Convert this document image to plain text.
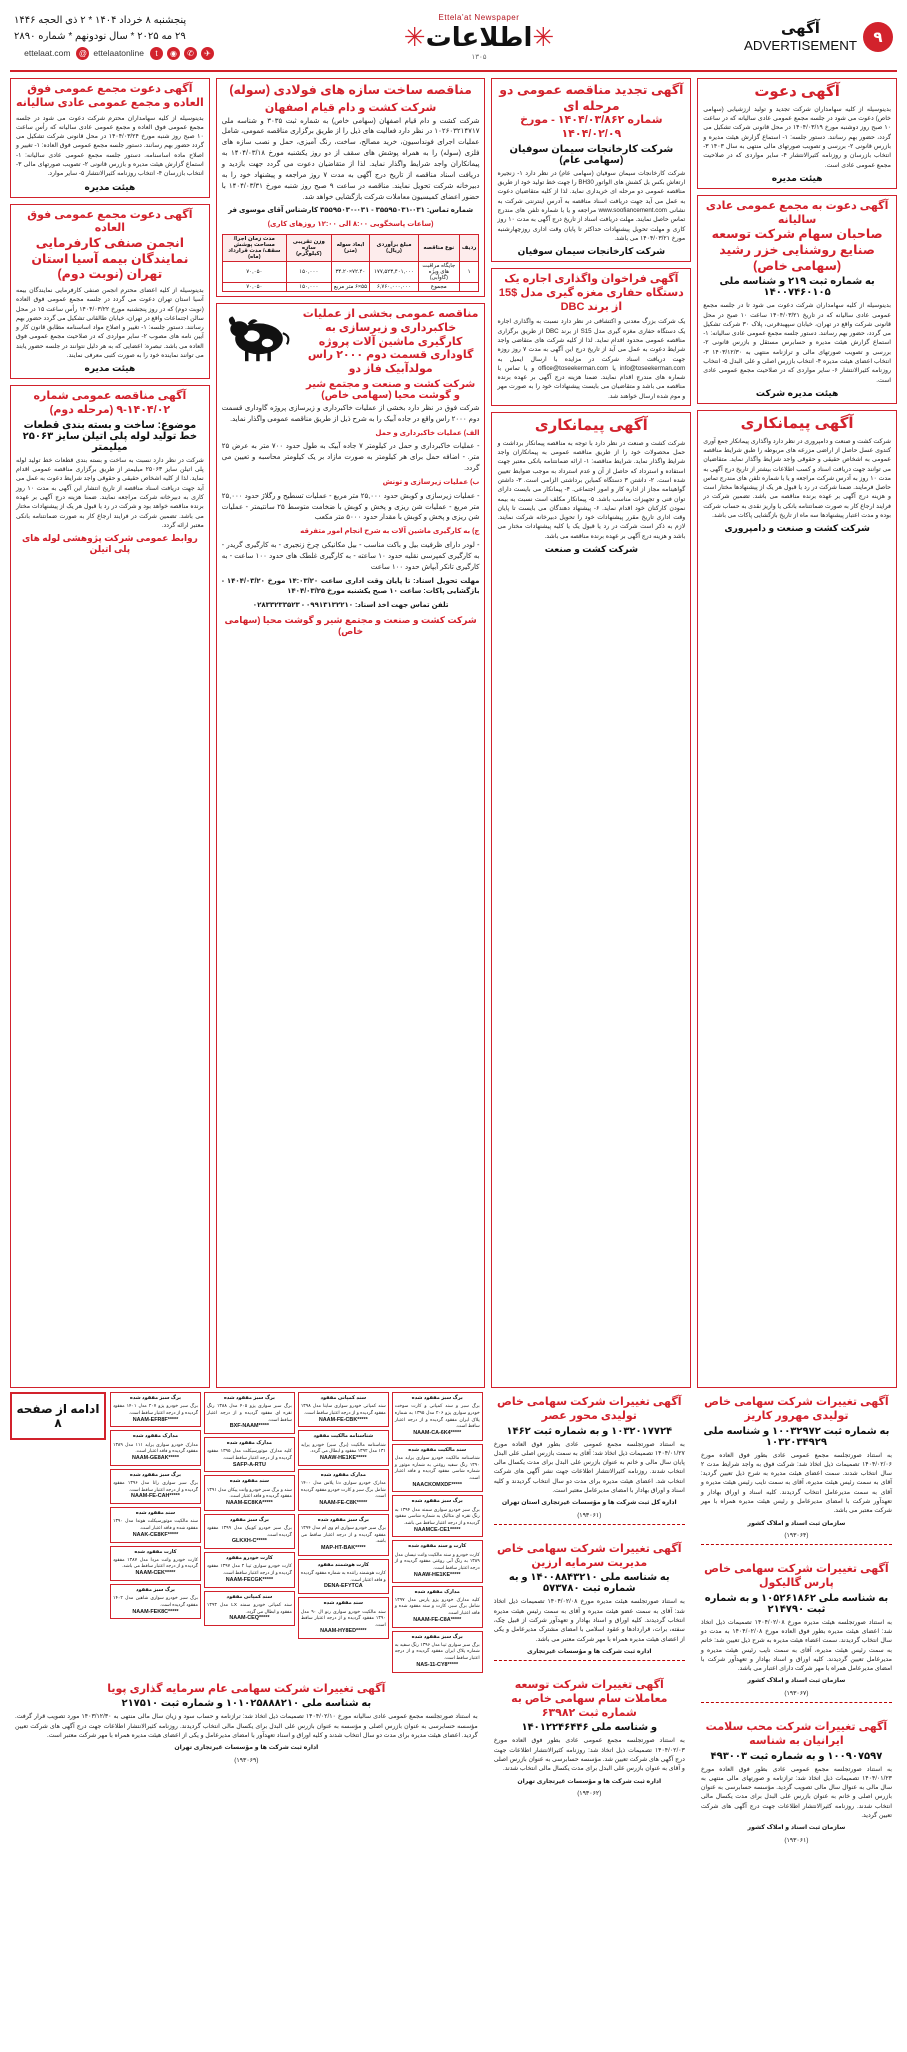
۹
آگهی
ADVERTISEMENT
Ettela'at Newspaper
✳اطلاعات✳
۱۳۰۵
پنجشنبه ۸ خرداد ۱۴۰۴ * ۲ ذی الحجه ۱۴۴۶
۲۹ مه ۲۰۲۵ * سال نودونهم * شماره ۲۸۹۰
✈
✆
◉
t
ettelaatonline
@
ettelaat.com
آگهی دعوت
بدینوسیله از کلیه سهامداران شرکت تجدید و تولید ارزشیابی (سهامی خاص) دعوت می شود در جلسه مجمع عمومی عادی سالیانه که در ساعت ۱۰ صبح روز دوشنبه مورخ ۱۴۰۴/۰۳/۱۹ در محل قانونی شرکت تشکیل می گردد، حضور بهم رسانند. دستور جلسه: ۱- استماع گزارش هیئت مدیره و بازرس قانونی ۲- بررسی و تصویب صورتهای مالی منتهی به سال ۱۴۰۳ ۳- انتخاب بازرسان و روزنامه کثیرالانتشار ۴- سایر مواردی که در صلاحیت مجمع عمومی عادی است.
هیئت مدیره
آگهی دعوت به مجمع عمومی عادی سالیانه
صاحبان سهام شرکت توسعه صنایع روشنایی خزر رشید (سهامی خاص)
به شماره ثبت ۲۱۹ و شناسه ملی ۱۴۰۰۷۴۶۰۱۰۵
بدینوسیله از کلیه سهامداران شرکت دعوت می شود تا در جلسه مجمع عمومی عادی سالیانه که در تاریخ ۱۴۰۴/۰۳/۲۱ ساعت ۱۰ صبح در محل قانونی شرکت واقع در تهران، خیابان سپهبدقرنی، پلاک ۳۰ شرکت تشکیل می گردد، حضور بهم رسانند. دستور جلسه مجمع عمومی عادی سالیانه: ۱- استماع گزارش هیئت مدیره و حسابرس مستقل و بازرس قانونی ۲- بررسی و تصویب صورتهای مالی و ترازنامه منتهی به ۱۴۰۳/۱۲/۳۰ ۳- انتخاب اعضای هیئت مدیره ۴- انتخاب بازرس اصلی و علی البدل ۵- انتخاب روزنامه کثیرالانتشار ۶- سایر مواردی که در صلاحیت مجمع عمومی عادی است.
هیئت مدیره شرکت
آگهی پیمانکاری
شرکت کشت و صنعت و دامپروری در نظر دارد واگذاری پیمانکار جمع آوری کندوی عسل حاصل از اراضی مزرعه های مربوطه را طبق شرایط مناقصه عمومی به اشخاص حقیقی و حقوقی واجد شرایط واگذار نماید. متقاضیان می توانند جهت دریافت اسناد و کسب اطلاعات بیشتر از تاریخ درج آگهی به مدت ۱۰ روز به آدرس شرکت مراجعه و یا با شماره تلفن های مندرج تماس حاصل فرمایند. ضمنا شرکت در رد یا قبول هر یک از پیشنهادها مختار است و هزینه درج آگهی بر عهده برنده مناقصه می باشد. تضمین شرکت در فرایند ارجاع کار به صورت ضمانتنامه بانکی یا واریز نقدی به حساب شرکت بوده و مدت اعتبار پیشنهادها سه ماه از تاریخ بازگشایی پاکات می باشد.
شرکت کشت و صنعت و دامپروری
آگهی تجدید مناقصه عمومی دو مرحله ای
شماره ۱۴۰۴/۰۳/۸۶۲ - مورخ ۱۴۰۴/۰۲/۰۹
شرکت کارخانجات سیمان سوفیان (سهامی عام)
شرکت کارخانجات سیمان سوفیان (سهامی عام) در نظر دارد ۱- زنجیره ارتعاش بکس بل کشش های الواتور BH30 را جهت خط تولید خود از طریق مناقصه عمومی دو مرحله ای خریداری نماید. لذا از کلیه متقاضیان دعوت به عمل می آید جهت دریافت اسناد مناقصه به آدرس اینترنتی شرکت به نشانی www.soofiancement.com مراجعه و یا با شماره تلفن های مندرج تماس حاصل نمایند. مهلت دریافت اسناد از تاریخ درج آگهی به مدت ۱۰ روز کاری و مهلت تحویل پیشنهادات حداکثر تا پایان وقت اداری روزچهارشنبه مورخ ۱۴۰۴/۰۳/۲۱ می باشد.
شرکت کارخانجات سیمان سوفیان
آگهی فراخوان واگذاری اجاره یک دستگاه حفاری مغزه گیری مدل $15 از برند DBC
یک شرکت بزرگ معدنی و اکتشافی در نظر دارد نسبت به واگذاری اجاره یک دستگاه حفاری مغزه گیری مدل S15 از برند DBC از طریق برگزاری مناقصه عمومی محدود اقدام نماید. لذا از کلیه شرکت های متقاضی واجد شرایط دعوت به عمل می آید از تاریخ درج این آگهی به مدت ۷ روز روزه جهت دریافت اسناد شرکت در مزایده با ارسال ایمیل به info@toseekerman.com یا office@toseekerman.com و یا تماس با شماره های مندرج اقدام نمایند. ضمنا هزینه درج آگهی بر عهده برنده مناقصه می باشد و متقاضیان می بایست پیشنهادات خود را به صورت مهر و موم شده ارسال خواهند شد.
آگهی پیمانکاری
شرکت کشت و صنعت در نظر دارد با توجه به مناقصه پیمانکار برداشت و حمل محصولات خود را از طریق مناقصه عمومی به پیمانکاران واجد شرایط واگذار نماید. شرایط مناقصه: ۱- ارائه ضمانتنامه بانکی معتبر جهت استفاده و استرداد که حاصل از آن و عدم استرداد به موجب ضوابط تعیین شده است. ۲- داشتن ۳ دستگاه کمباین برداشتی الزامی است. ۳- داشتن گواهینامه مجاز از اداره کار و امور اجتماعی. ۴- پیمانکار می بایست دارای توان فنی و تجهیزات مناسب باشد. ۵- پیمانکار مکلف است نسبت به بیمه نمودن کارکنان خود اقدام نماید. ۶- پیشنهاد دهندگان می بایست تا پایان وقت اداری تاریخ مقرر پیشنهادات خود را تحویل دبیرخانه شرکت نمایند. لازم به ذکر است شرکت در رد یا قبول یک یا کلیه پیشنهادات مختار می باشد و هزینه درج آگهی بر عهده برنده مناقصه می باشد.
شرکت کشت و صنعت
مناقصه ساخت سازه های فولادی (سوله)
شرکت کشت و دام قیام اصفهان
شرکت کشت و دام قیام اصفهان (سهامی خاص) به شماره ثبت ۳۰۳۵ و شناسه ملی ۱۰۲۶۰۳۲۱۴۷۱۷ در نظر دارد فعالیت های ذیل را از طریق برگزاری مناقصه عمومی، شامل عملیات اجرای فونداسیون، خرید مصالح، ساخت، رنگ آمیزی، حمل و نصب سازه های فلزی (سوله) را به همراه پوشش های سقف از دو روز یکشنبه مورخ ۱۴۰۴/۰۳/۱۸ به پیمانکاران واجد شرایط واگذار نماید. لذا از متقاضیان دعوت می گردد جهت بازدید و دریافت اسناد مناقصه از تاریخ درج آگهی به مدت ۷ روز مراجعه و پیشنهاد خود را به دبیرخانه شرکت تحویل نمایند. مناقصه در ساعت ۹ صبح روز شنبه مورخ ۱۴۰۴/۰۳/۳۱ با حضور اعضای کمیسیون معاملات شرکت بازگشایی خواهد شد.
شماره تماس: ۰۳۱-۳۵۵۹۵۰۳۱ - ۰۳۱-۳۵۵۹۵۰۳۰ کارشناس آقای موسوی فر
(ساعات پاسخگویی ۸:۰۰ الی ۱۲:۰۰ روزهای کاری)
ردیف	نوع مناقصه	مبلغ برآوردی (ریال)	ابعاد سوله (متر)	وزن تقریبی سازه (کیلوگرم)	مدت زمان اجرا/ مساحت پوشش سقف/ مدت قرارداد (ماه)
۱	جایگاه مراقبت های ویژه (گاوآبی)	۱۷۷,۵۲۳,۴۰۱,۰۰۰	۷۲.۴۰×۳۴.۲۰	۱۵۰,۰۰۰	۷۰,۰۵۰
	مجموع	۶,۷۶۰,۰۰۰,۰۰۰	۵۵×۶ متر مربع	۱۵۰,۰۰۰	۷۰,۰۵۰
مناقصه عمومی بخشی از عملیات خاکبرداری و زیرسازی به کارگیری ماشین آلات پروژه گاوداری قسمت دوم ۲۰۰۰ راس مولدآبیک فاز دو
شرکت کشت و صنعت و مجتمع شیر و گوشت محیا (سهامی خاص)
شرکت فوق در نظر دارد بخشی از عملیات خاکبرداری و زیرسازی پروژه گاوداری قسمت دوم ۲۰۰۰ راس واقع در جاده آبیک را به شرح ذیل از طریق مناقصه عمومی واگذار نماید.
الف) عملیات خاکبرداری و حمل
- عملیات خاکبرداری و حمل در کیلومتر ۷ جاده آبیک به طول حدود ۷۰۰ متر به عرض ۲۵ متر. - اضافه حمل برای هر کیلومتر به صورت مازاد بر یک کیلومتر محاسبه و تعیین می گردد.
ب) عملیات زیرسازی و تونش
- عملیات زیرسازی و کوبش حدود ۲۵,۰۰۰ متر مربع - عملیات تسطیح و رگلاژ حدود ۲۵,۰۰۰ متر مربع - عملیات شن ریزی و پخش و کوبش با ضخامت متوسط ۲۵ سانتیمتر - عملیات شن ریزی و پخش و کوبش با مقدار حدود ۵۰۰۰ متر مکعب
ج) به کارگیری ماشین آلات به شرح انجام امور متفرقه
- لودر دارای ظرفیت بیل و باکت مناسب - بیل مکانیکی چرخ زنجیری - به کارگیری گریدر - به کارگیری کمپرسی نقلیه حدود ۱۰ ساعته - به کارگیری غلطک های حدود ۱۰۰ ساعت - به کارگیری تانکر آبپاش حدود ۱۰۰ ساعت
مهلت تحویل اسناد: تا پایان وقت اداری ساعت ۱۴:۰۳/۲۰ مورخ ۱۴۰۴/۰۳/۲۰ - بازگشایی پاکات: ساعت ۱۰ صبح یکشنبه مورخ ۱۴۰۴/۰۳/۲۵
تلفن تماس جهت اخذ اسناد: ۰۹۹۱۳۱۳۲۲۱۰ - ۰۲۸۳۳۲۳۳۵۲۳
شرکت کشت و صنعت و مجتمع شیر و گوشت محیا (سهامی خاص)
آگهی دعوت مجمع عمومی فوق العاده و مجمع عمومی عادی سالیانه
بدینوسیله از کلیه سهامداران محترم شرکت دعوت می شود در جلسه مجمع عمومی فوق العاده و مجمع عمومی عادی سالیانه که رأس ساعت ۱۰ صبح روز شنبه مورخ ۱۴۰۴/۰۳/۲۴ در محل قانونی شرکت تشکیل می گردد حضور بهم رسانند. دستور جلسه مجمع عمومی فوق العاده: ۱- تغییر و اصلاح ماده اساسنامه. دستور جلسه مجمع عمومی عادی سالیانه: ۱- استماع گزارش هیئت مدیره و بازرس قانونی ۲- تصویب صورتهای مالی ۳- انتخاب بازرسان ۴- انتخاب روزنامه کثیرالانتشار ۵- سایر موارد.
هیئت مدیره
آگهی دعوت مجمع عمومی فوق العاده
انجمن صنفی کارفرمایی نمایندگان بیمه آسیا استان تهران (نوبت دوم)
بدینوسیله از کلیه اعضای محترم انجمن صنفی کارفرمایی نمایندگان بیمه آسیا استان تهران دعوت می گردد در جلسه مجمع عمومی فوق العاده (نوبت دوم) که در روز پنجشنبه مورخ ۱۴۰۴/۰۳/۲۲ رأس ساعت ۱۵ در محل سالن اجتماعات واقع در تهران، خیابان طالقانی تشکیل می گردد حضور بهم رسانند. دستور جلسه: ۱- تغییر و اصلاح مواد اساسنامه مطابق قانون کار و آیین نامه های مصوب ۲- سایر مواردی که در صلاحیت مجمع عمومی فوق العاده می باشد. تبصره: اعضایی که به هر دلیل نتوانند در جلسه حضور یابند می توانند نماینده خود را به صورت کتبی معرفی نمایند.
هیئت مدیره
آگهی مناقصه عمومی شماره ۱۴۰۴/۰۲-۹ (مرحله دوم)
موضوع: ساخت و بسته بندی قطعات خط تولید لوله پلی اتیلن سایز ۲۵۰۶۳ میلیمتر
شرکت در نظر دارد نسبت به ساخت و بسته بندی قطعات خط تولید لوله پلی اتیلن سایز ۲۵۰۶۳ میلیمتر از طریق برگزاری مناقصه عمومی اقدام نماید. لذا از کلیه اشخاص حقیقی و حقوقی واجد شرایط دعوت به عمل می آید جهت دریافت اسناد مناقصه از تاریخ انتشار این آگهی به مدت ۱۰ روز کاری به دبیرخانه شرکت مراجعه نمایند. ضمنا هزینه درج آگهی بر عهده برنده مناقصه خواهد بود و شرکت در رد یا قبول هر یک از پیشنهادات مختار می باشد. تضمین شرکت در فرایند ارجاع کار به صورت ضمانتنامه بانکی معتبر ارائه گردد.
روابط عمومی شرکت پژوهشی لوله های پلی اتیلن
آگهی تغییرات شرکت سهامی خاص تولیدی مهرور کاریز
به شماره ثبت ۱۰۰۳۲۹۷۲ و شناسه ملی ۱۰۳۲۰۳۴۹۲۹
به استناد صورتجلسه مجمع عمومی عادی بطور فوق العاده مورخ ۱۴۰۴/۰۲/۰۶ تصمیمات ذیل اتخاذ شد: شرکت فوق به واجد شرایط مدت ۲ سال انتخاب شدند. سمت اعضای هیئت مدیره به شرح ذیل تعیین گردید: آقای به سمت رئیس هیئت مدیره، آقای به سمت نایب رئیس هیئت مدیره و آقای به سمت مدیرعامل انتخاب گردیدند. کلیه اسناد و اوراق بهادار و تعهدآور شرکت با امضای مدیرعامل و رئیس هیئت مدیره همراه با مهر شرکت معتبر می باشد.
سازمان ثبت اسناد و املاک کشور
(۱۹۳۰۶۴)
آگهی تغییرات شرکت سهامی خاص پارس گالیکول
به شناسه ملی ۱۰۵۲۶۱۸۶۲ و به شماره ثبت ۲۱۴۷۹۰
به استناد صورتجلسه هیئت مدیره مورخ ۱۴۰۴/۰۲/۰۸ تصمیمات ذیل اتخاذ شد: اعضای هیئت مدیره بطور فوق العاده مورخ ۱۴۰۴/۰۲/۰۸ به مدت دو سال انتخاب گردیدند. سمت اعضاء هیئت مدیره به شرح ذیل تعیین شد: خانم به سمت رئیس هیئت مدیره، آقای به سمت نایب رئیس هیئت مدیره و مدیرعامل تعیین گردیدند. کلیه اوراق و اسناد بهادار و تعهدآور شرکت با امضای مدیرعامل همراه با مهر شرکت دارای اعتبار می باشد.
سازمان ثبت اسناد و املاک کشور
(۱۹۳۰۶۷)
آگهی تغییرات شرکت محب سلامت ایرانیان به شناسه
۱۰۰۹۰۷۵۹۷ و به شماره ثبت ۴۹۳۰۰۳
به استناد صورتجلسه مجمع عمومی عادی بطور فوق العاده مورخ ۱۴۰۴/۰۱/۲۳ تصمیمات ذیل اتخاذ شد: ترازنامه و صورتهای مالی منتهی به سال مالی به عنوال سال مالی تصویب گردید. مؤسسه حسابرسی به عنوان بازرس اصلی و خانم به عنوان بازرس علی البدل برای مدت یکسال مالی انتخاب شدند. روزنامه کثیرالانتشار اطلاعات جهت درج آگهی های شرکت تعیین گردید.
سازمان ثبت اسناد و املاک کشور
(۱۹۳۰۶۱)
آگهی تغییرات شرکت سهامی خاص تولیدی محور عصر
۱۰۳۲۰۱۷۷۲۴ و به شماره ثبت ۱۴۶۲
به استناد صورتجلسه مجمع عمومی عادی بطور فوق العاده مورخ ۱۴۰۴/۰۱/۲۷ تصمیمات ذیل اتخاذ شد: آقای به سمت بازرس اصلی علی البدل پایان سال مالی و خانم به عنوان بازرس علی البدل برای مدت یکسال مالی انتخاب شدند. روزنامه کثیرالانتشار اطلاعات جهت نشر آگهی های شرکت انتخاب شد. اعضای هیئت مدیره برای مدت دو سال انتخاب گردیدند و کلیه اسناد و اوراق بهادار با امضای مدیرعامل معتبر است.
اداره کل ثبت شرکت ها و مؤسسات غیرتجاری استان تهران
(۱۹۳۰۶۱)
آگهی تغییرات شرکت سهامی خاص مدیریت سرمایه ارزین
به شناسه ملی ۱۴۰۰۸۸۴۳۲۱۰ و به شماره ثبت ۵۷۳۷۸۰
به استناد صورتجلسه هیئت مدیره مورخ ۱۴۰۴/۰۲/۰۸ تصمیمات ذیل اتخاذ شد: آقای به سمت عضو هیئت مدیره و آقای به سمت رئیس هیئت مدیره انتخاب گردیدند. کلیه اوراق و اسناد بهادار و تعهدآور شرکت از قبیل چک، سفته، برات، قراردادها و عقود اسلامی با امضای مشترک مدیرعامل و یکی از اعضای هیئت مدیره همراه با مهر شرکت معتبر می باشد.
اداره ثبت شرکت ها و مؤسسات غیرتجاری
آگهی تغییرات شرکت توسعه معاملات سام سهامی خاص به شماره ثبت ۶۳۹۸۲
و شناسه ملی ۱۴۰۱۲۲۴۶۴۴۶
به استناد صورتجلسه مجمع عمومی عادی بطور فوق العاده مورخ ۱۴۰۴/۰۲/۰۳ تصمیمات ذیل اتخاذ شد: روزنامه کثیرالانتشار اطلاعات جهت درج آگهی های شرکت تعیین شد. مؤسسه حسابرسی به عنوان بازرس اصلی و آقای به عنوان بازرس علی البدل برای مدت یکسال مالی انتخاب شدند.
اداره ثبت شرکت ها و مؤسسات غیرتجاری تهران
(۱۹۳۰۶۲)
برگ سبز مفقود شده
برگ سبز و سند کمپانی و کارت سوخت خودرو سواری پژو ۲۰۶ مدل ۱۳۹۵ به شماره پلاک ایران مفقود گردیده و از درجه اعتبار ساقط است.
NAAM-CA-6K4*****
سند مالکیت مفقود شده
شناسنامه مالکیت خودرو سواری پراید مدل ۱۳۹۰ رنگ سفید روغنی به شماره موتور و شماره شاسی مفقود گردیده و فاقد اعتبار است.
NAACKOMXDF*****
برگ سبز مفقود شده
برگ سبز خودرو سواری سمند مدل ۱۳۹۴ به رنگ نقره ای متالیک به شماره شاسی مفقود گردیده و از درجه اعتبار ساقط می باشد.
NAAMCE-CE1*****
کارت و سند مفقود شده
کارت خودرو و سند مالکیت وانت نیسان مدل ۱۳۸۹ به رنگ آبی روغنی مفقود گردیده و از درجه اعتبار ساقط است.
NAAW-HE1KE*****
مدارک مفقود شده
کلیه مدارک خودرو پژو پارس مدل ۱۳۹۷ شامل برگ سبز، کارت و سند مفقود شده و فاقد اعتبار است.
NAAM-FE-C8A*****
برگ سبز مفقود شده
برگ سبز سواری تیبا مدل ۱۳۹۶ رنگ سفید به شماره پلاک ایران مفقود گردیده و از درجه اعتبار ساقط است.
NAS-11-CY8*****
سند کمپانی مفقود
سند کمپانی خودرو سواری ساینا مدل ۱۳۹۸ مفقود گردیده و از درجه اعتبار ساقط است.
NAAM-FE-CBK*****
شناسنامه مالکیت مفقود
شناسنامه مالکیت (برگ سبز) خودرو پراید ۱۳۱ مدل ۱۳۹۲ مفقود و ابطال می گردد.
NAAW-HE1KE*****
مدارک مفقود شده
مدارک خودرو سواری دنا پلاس مدل ۱۴۰۰ شامل برگ سبز و کارت خودرو مفقود گردیده است.
NAAM-FE-C8K*****
برگ سبز مفقود شده
برگ سبز خودرو سواری ام وی ام مدل ۱۳۹۴ مفقود گردیده و از درجه اعتبار ساقط می باشد.
MAP-HT-BAK*****
کارت هوشمند مفقود
کارت هوشمند راننده به شماره مفقود گردیده و فاقد اعتبار است.
DENA-EFYTCA
سند مفقود شده
سند مالکیت خودرو سواری رنو ال ۹۰ مدل ۱۳۹۰ مفقود گردیده و از درجه اعتبار ساقط است.
NAAM-HY8ED*****
برگ سبز مفقود شده
برگ سبز سواری پژو ۴۰۵ مدل ۱۳۸۸ رنگ نقره ای مفقود گردیده و از درجه اعتبار ساقط است.
BXF-NAAM*****
مدارک مفقود شده
کلیه مدارک موتورسیکلت مدل ۱۳۹۵ مفقود گردیده و از درجه اعتبار ساقط است.
SAFP-A-RTU
سند مفقود شده
سند و برگ سبز خودرو وانت پیکان مدل ۱۳۹۱ مفقود گردیده و فاقد اعتبار است.
NAAM-EC8KA*****
برگ سبز مفقود
برگ سبز خودرو کوییک مدل ۱۳۹۹ مفقود گردیده است.
GLKXH-C*****
کارت خودرو مفقود
کارت خودرو سواری تیبا ۲ مدل ۱۳۹۷ مفقود گردیده و از درجه اعتبار ساقط است.
NAAM-FECGK*****
سند کمپانی مفقود
سند کمپانی خودرو سمند LX مدل ۱۳۹۳ مفقود و ابطال می گردد.
NAAM-CEQ*****
برگ سبز مفقود شده
برگ سبز خودرو پژو ۲۰۷ مدل ۱۴۰۱ مفقود گردیده و از درجه اعتبار ساقط است.
NAAM-EFR8F*****
مدارک مفقود شده
مدارک خودرو سواری پراید ۱۱۱ مدل ۱۳۸۹ مفقود گردیده و فاقد اعتبار است.
NAAM-GE8AK*****
برگ سبز مفقود شده
برگ سبز سواری رانا مدل ۱۳۹۶ مفقود گردیده و از درجه اعتبار ساقط است.
NAAM-FE-CAH*****
سند مفقود شده
سند مالکیت موتورسیکلت هوندا مدل ۱۳۹۰ مفقود شده و فاقد اعتبار است.
NAAK-CE8KF*****
کارت مفقود شده
کارت خودرو وانت مزدا مدل ۱۳۸۷ مفقود گردیده و از درجه اعتبار ساقط می باشد.
NAAM-CEK*****
برگ سبز مفقود
برگ سبز خودرو سواری شاهین مدل ۱۴۰۲ مفقود گردیده است.
NAAM-FEK8C*****
ادامه از صفحه ۸
آگهی تغییرات شرکت سهامی عام سرمایه گذاری پویا
به شناسه ملی ۱۰۱۰۲۵۸۸۸۲۱۰ و شماره ثبت ۲۱۷۵۱۰
به استناد صورتجلسه مجمع عمومی عادی سالیانه مورخ ۱۴۰۴/۰۲/۱۰ تصمیمات ذیل اتخاذ شد: ترازنامه و حساب سود و زیان سال مالی منتهی به ۱۴۰۳/۱۲/۳۰ مورد تصویب قرار گرفت. مؤسسه حسابرسی به عنوان بازرس اصلی و مؤسسه به عنوان بازرس علی البدل برای یکسال مالی انتخاب گردیدند. روزنامه کثیرالانتشار اطلاعات جهت درج آگهی های شرکت تعیین گردید. اعضای هیئت مدیره برای مدت دو سال انتخاب شدند و کلیه اوراق و اسناد تعهدآور با امضای مدیرعامل و یکی از اعضای هیئت مدیره همراه با مهر شرکت معتبر است.
اداره ثبت شرکت ها و مؤسسات غیرتجاری تهران
(۱۹۳۰۶۹)
